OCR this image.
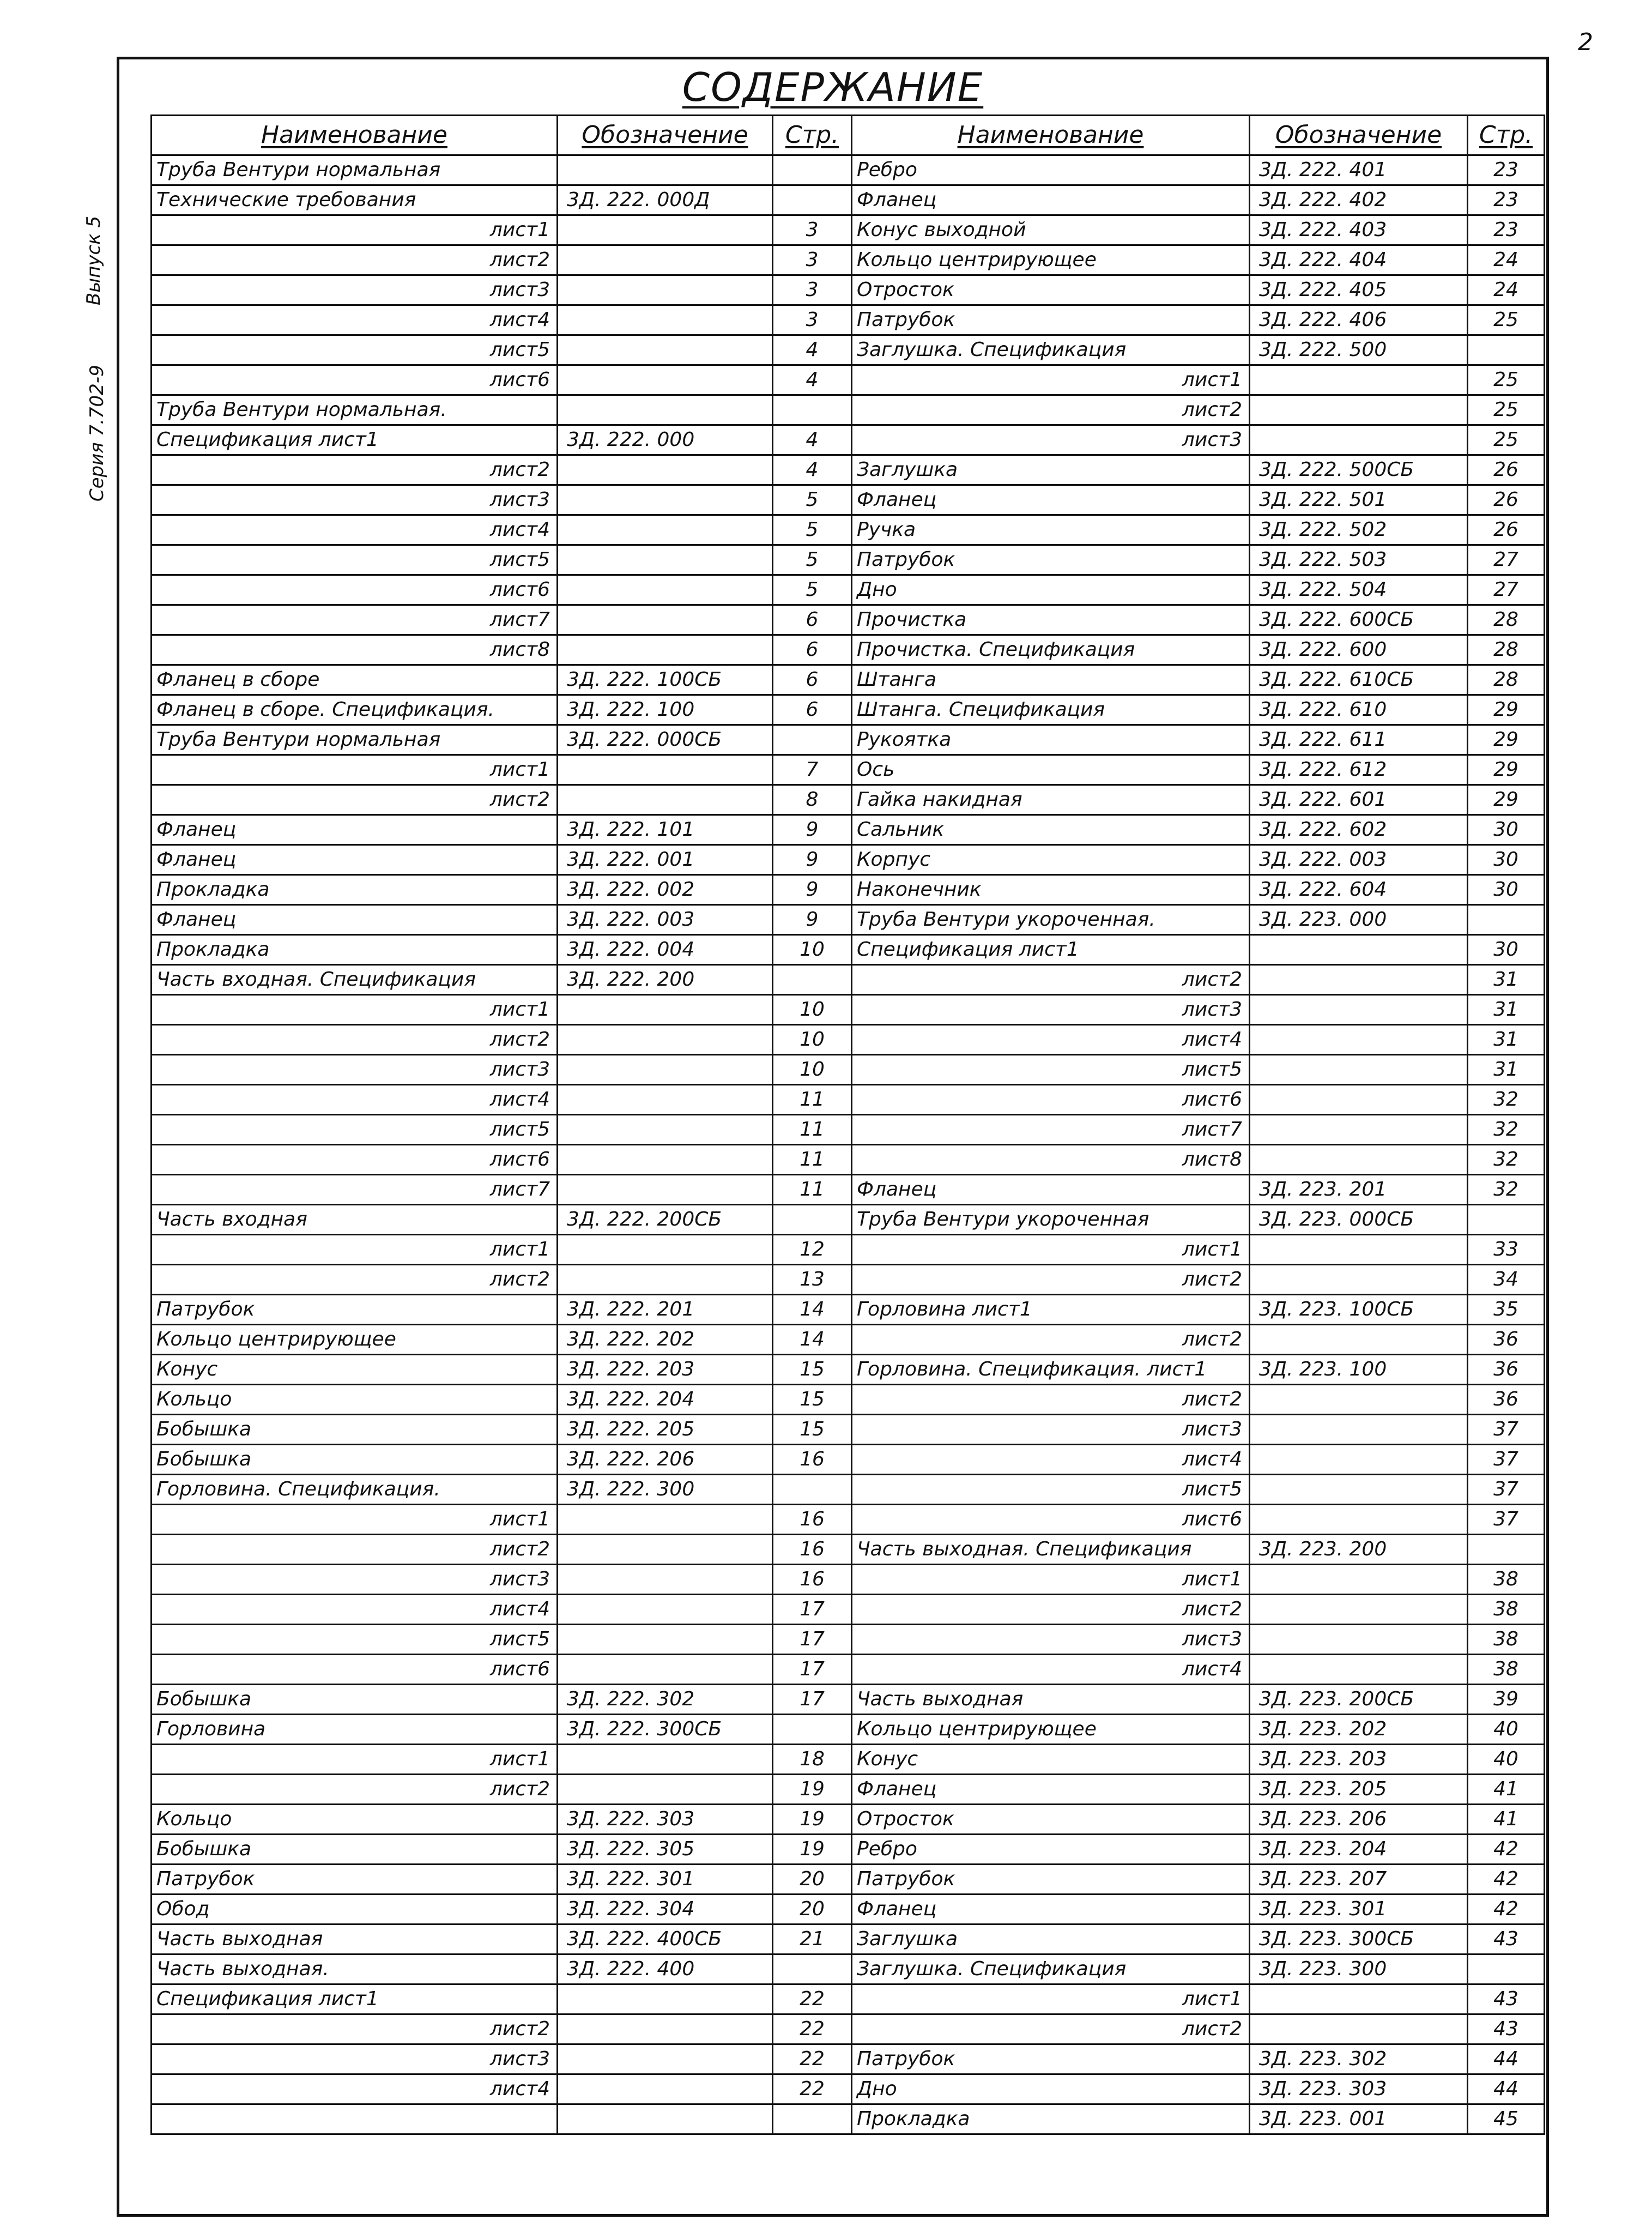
2
Выпуск 5
Серия 7.702-9
СОДЕРЖАНИЕ
Наименование	Обозначение	Стр.		Наименование	Обозначение	Стр.
Труба Вентури нормальная				Ребро	3Д. 222. 401	23
Технические требования	3Д. 222. 000Д			Фланец	3Д. 222. 402	23
лист1		3		Конус выходной	3Д. 222. 403	23
лист2		3		Кольцо центрирующее	3Д. 222. 404	24
лист3		3		Отросток	3Д. 222. 405	24
лист4		3		Патрубок	3Д. 222. 406	25
лист5		4		Заглушка. Спецификация	3Д. 222. 500	
лист6		4		лист1		25
Труба Вентури нормальная.				лист2		25
Спецификация лист1	3Д. 222. 000	4		лист3		25
лист2		4		Заглушка	3Д. 222. 500СБ	26
лист3		5		Фланец	3Д. 222. 501	26
лист4		5		Ручка	3Д. 222. 502	26
лист5		5		Патрубок	3Д. 222. 503	27
лист6		5		Дно	3Д. 222. 504	27
лист7		6		Прочистка	3Д. 222. 600СБ	28
лист8		6		Прочистка. Спецификация	3Д. 222. 600	28
Фланец в сборе	3Д. 222. 100СБ	6		Штанга	3Д. 222. 610СБ	28
Фланец в сборе. Спецификация.	3Д. 222. 100	6		Штанга. Спецификация	3Д. 222. 610	29
Труба Вентури нормальная	3Д. 222. 000СБ			Рукоятка	3Д. 222. 611	29
лист1		7		Ось	3Д. 222. 612	29
лист2		8		Гайка накидная	3Д. 222. 601	29
Фланец	3Д. 222. 101	9		Сальник	3Д. 222. 602	30
Фланец	3Д. 222. 001	9		Корпус	3Д. 222. 003	30
Прокладка	3Д. 222. 002	9		Наконечник	3Д. 222. 604	30
Фланец	3Д. 222. 003	9		Труба Вентури укороченная.	3Д. 223. 000	
Прокладка	3Д. 222. 004	10		Спецификация лист1		30
Часть входная. Спецификация	3Д. 222. 200			лист2		31
лист1		10		лист3		31
лист2		10		лист4		31
лист3		10		лист5		31
лист4		11		лист6		32
лист5		11		лист7		32
лист6		11		лист8		32
лист7		11		Фланец	3Д. 223. 201	32
Часть входная	3Д. 222. 200СБ			Труба Вентури укороченная	3Д. 223. 000СБ	
лист1		12		лист1		33
лист2		13		лист2		34
Патрубок	3Д. 222. 201	14		Горловина лист1	3Д. 223. 100СБ	35
Кольцо центрирующее	3Д. 222. 202	14		лист2		36
Конус	3Д. 222. 203	15		Горловина. Спецификация. лист1	3Д. 223. 100	36
Кольцо	3Д. 222. 204	15		лист2		36
Бобышка	3Д. 222. 205	15		лист3		37
Бобышка	3Д. 222. 206	16		лист4		37
Горловина. Спецификация.	3Д. 222. 300			лист5		37
лист1		16		лист6		37
лист2		16		Часть выходная. Спецификация	3Д. 223. 200	
лист3		16		лист1		38
лист4		17		лист2		38
лист5		17		лист3		38
лист6		17		лист4		38
Бобышка	3Д. 222. 302	17		Часть выходная	3Д. 223. 200СБ	39
Горловина	3Д. 222. 300СБ			Кольцо центрирующее	3Д. 223. 202	40
лист1		18		Конус	3Д. 223. 203	40
лист2		19		Фланец	3Д. 223. 205	41
Кольцо	3Д. 222. 303	19		Отросток	3Д. 223. 206	41
Бобышка	3Д. 222. 305	19		Ребро	3Д. 223. 204	42
Патрубок	3Д. 222. 301	20		Патрубок	3Д. 223. 207	42
Обод	3Д. 222. 304	20		Фланец	3Д. 223. 301	42
Часть выходная	3Д. 222. 400СБ	21		Заглушка	3Д. 223. 300СБ	43
Часть выходная.	3Д. 222. 400			Заглушка. Спецификация	3Д. 223. 300	
Спецификация лист1		22		лист1		43
лист2		22		лист2		43
лист3		22		Патрубок	3Д. 223. 302	44
лист4		22		Дно	3Д. 223. 303	44
				Прокладка	3Д. 223. 001	45
